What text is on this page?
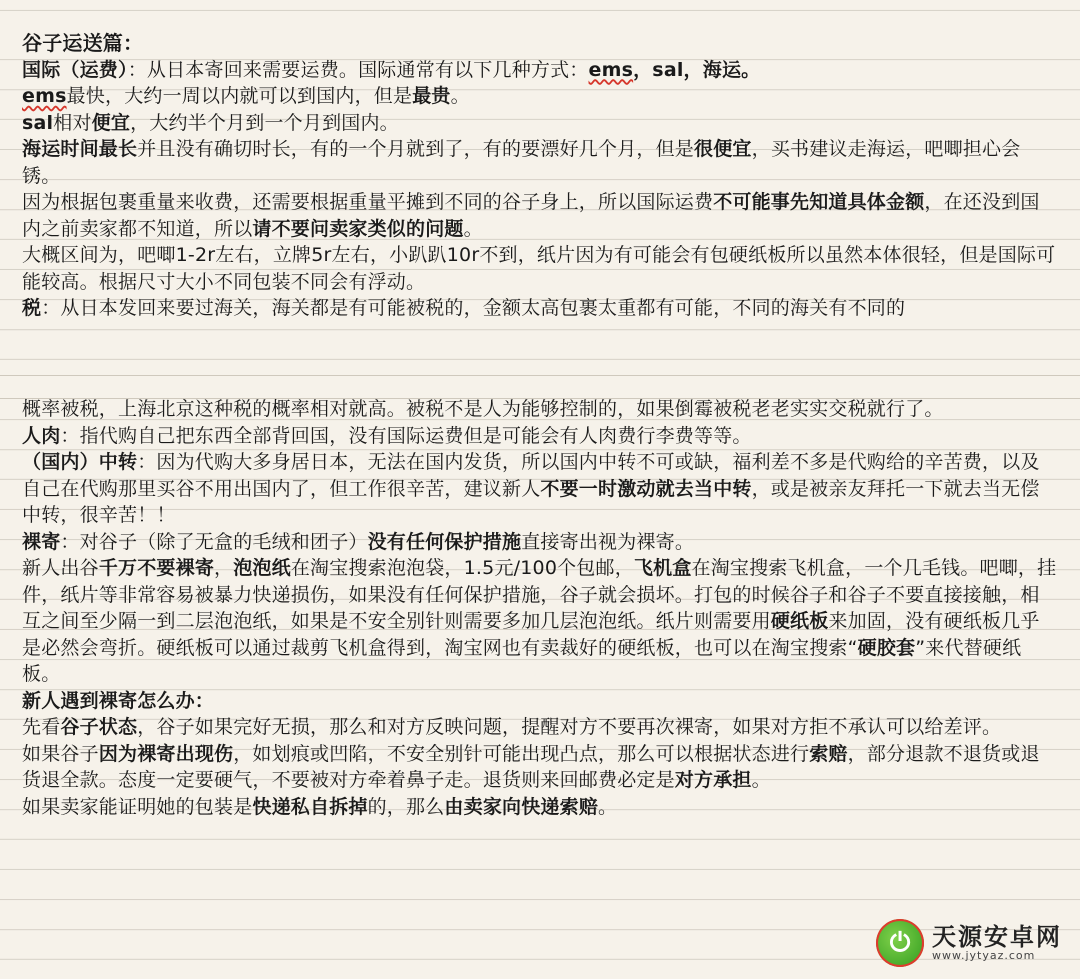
谷子运送篇：

国际（运费）：从日本寄回来需要运费。国际通常有以下几种方式：ems，sal，海运。

ems最快，大约一周以内就可以到国内，但是最贵。

sal相对便宜，大约半个月到一个月到国内。

海运时间最长并且没有确切时长，有的一个月就到了，有的要漂好几个月，但是很便宜，买书建议走海运，吧唧担心会锈。

因为根据包裹重量来收费，还需要根据重量平摊到不同的谷子身上，所以国际运费不可能事先知道具体金额，在还没到国内之前卖家都不知道，所以请不要问卖家类似的问题。

大概区间为，吧唧1-2r左右，立牌5r左右，小趴趴10r不到，纸片因为有可能会有包硬纸板所以虽然本体很轻，但是国际可能较高。根据尺寸大小不同包装不同会有浮动。

税：从日本发回来要过海关，海关都是有可能被税的，金额太高包裹太重都有可能，不同的海关有不同的

概率被税，上海北京这种税的概率相对就高。被税不是人为能够控制的，如果倒霉被税老老实实交税就行了。

人肉：指代购自己把东西全部背回国，没有国际运费但是可能会有人肉费行李费等等。

（国内）中转：因为代购大多身居日本，无法在国内发货，所以国内中转不可或缺，福利差不多是代购给的辛苦费，以及自己在代购那里买谷不用出国内了，但工作很辛苦，建议新人不要一时激动就去当中转，或是被亲友拜托一下就去当无偿中转，很辛苦！！

裸寄：对谷子（除了无盒的毛绒和团子）没有任何保护措施直接寄出视为裸寄。

新人出谷千万不要裸寄，泡泡纸在淘宝搜索泡泡袋，1.5元/100个包邮，飞机盒在淘宝搜索飞机盒，一个几毛钱。吧唧，挂件，纸片等非常容易被暴力快递损伤，如果没有任何保护措施，谷子就会损坏。打包的时候谷子和谷子不要直接接触，相互之间至少隔一到二层泡泡纸，如果是不安全别针则需要多加几层泡泡纸。纸片则需要用硬纸板来加固，没有硬纸板几乎是必然会弯折。硬纸板可以通过裁剪飞机盒得到，淘宝网也有卖裁好的硬纸板，也可以在淘宝搜索“硬胶套”来代替硬纸板。

新人遇到裸寄怎么办：

先看谷子状态，谷子如果完好无损，那么和对方反映问题，提醒对方不要再次裸寄，如果对方拒不承认可以给差评。

如果谷子因为裸寄出现伤，如划痕或凹陷，不安全别针可能出现凸点，那么可以根据状态进行索赔，部分退款不退货或退货退全款。态度一定要硬气，不要被对方牵着鼻子走。退货则来回邮费必定是对方承担。

如果卖家能证明她的包装是快递私自拆掉的，那么由卖家向快递索赔。

⏻ 天源安卓网
www.jytyaz.com
